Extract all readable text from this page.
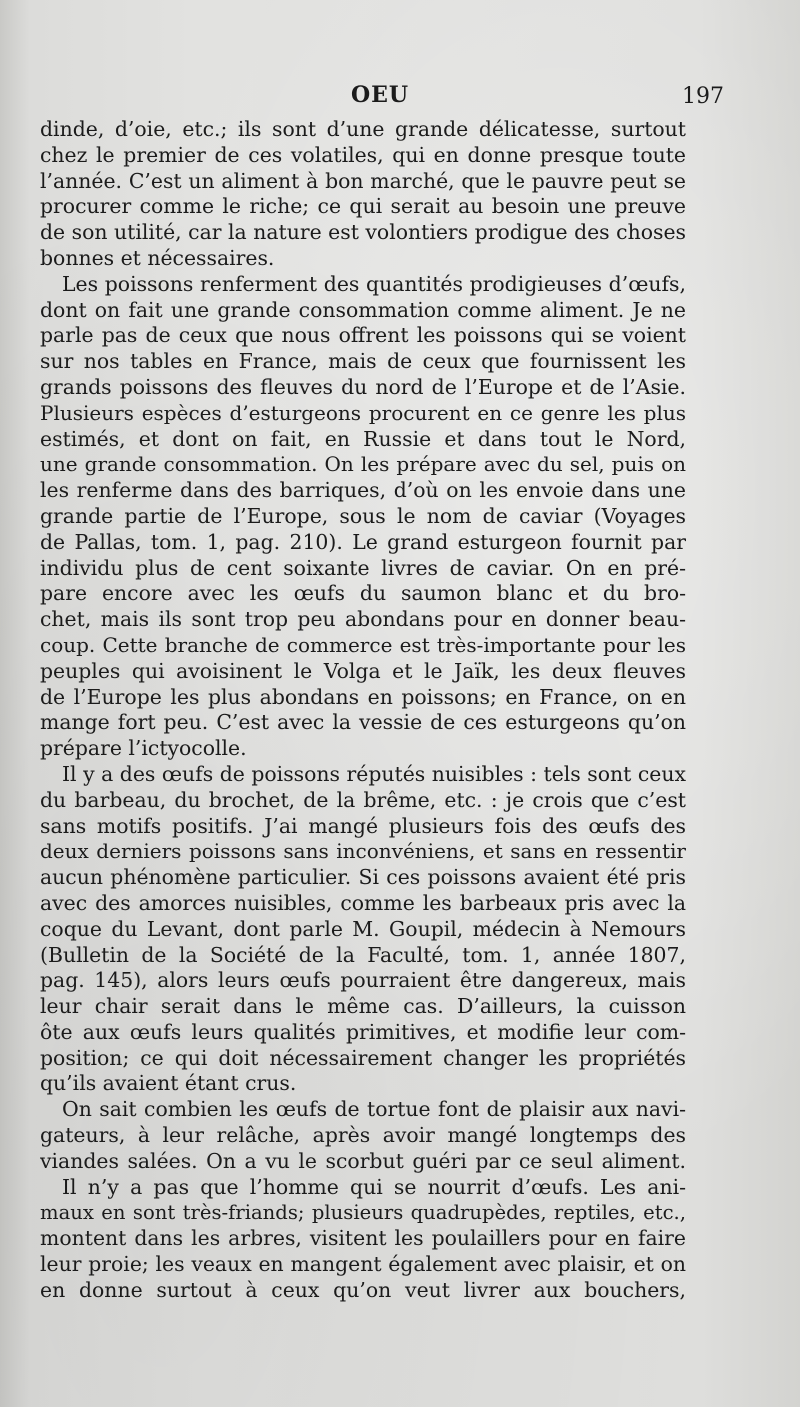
OEU	197
dinde, d’oie, etc.; ils sont d’une grande délicatesse, surtout
chez le premier de ces volatiles, qui en donne presque toute
l’année. C’est un aliment à bon marché, que le pauvre peut se
procurer comme le riche; ce qui serait au besoin une preuve
de son utilité, car la nature est volontiers prodigue des choses
bonnes et nécessaires.
Les poissons renferment des quantités prodigieuses d’œufs,
dont on fait une grande consommation comme aliment. Je ne
parle pas de ceux que nous offrent les poissons qui se voient
sur nos tables en France, mais de ceux que fournissent les
grands poissons des fleuves du nord de l’Europe et de l’Asie.
Plusieurs espèces d’esturgeons procurent en ce genre les plus
estimés, et dont on fait, en Russie et dans tout le Nord,
une grande consommation. On les prépare avec du sel, puis on
les renferme dans des barriques, d’où on les envoie dans une
grande partie de l’Europe, sous le nom de caviar (Voyages
de Pallas, tom. 1, pag. 210). Le grand esturgeon fournit par
individu plus de cent soixante livres de caviar. On en pré-
pare encore avec les œufs du saumon blanc et du bro-
chet, mais ils sont trop peu abondans pour en donner beau-
coup. Cette branche de commerce est très-importante pour les
peuples qui avoisinent le Volga et le Jaïk, les deux fleuves
de l’Europe les plus abondans en poissons; en France, on en
mange fort peu. C’est avec la vessie de ces esturgeons qu’on
prépare l’ictyocolle.
Il y a des œufs de poissons réputés nuisibles : tels sont ceux
du barbeau, du brochet, de la brême, etc. : je crois que c’est
sans motifs positifs. J’ai mangé plusieurs fois des œufs des
deux derniers poissons sans inconvéniens, et sans en ressentir
aucun phénomène particulier. Si ces poissons avaient été pris
avec des amorces nuisibles, comme les barbeaux pris avec la
coque du Levant, dont parle M. Goupil, médecin à Nemours
(Bulletin de la Société de la Faculté, tom. 1, année 1807,
pag. 145), alors leurs œufs pourraient être dangereux, mais
leur chair serait dans le même cas. D’ailleurs, la cuisson
ôte aux œufs leurs qualités primitives, et modifie leur com-
position; ce qui doit nécessairement changer les propriétés
qu’ils avaient étant crus.
On sait combien les œufs de tortue font de plaisir aux navi-
gateurs, à leur relâche, après avoir mangé longtemps des
viandes salées. On a vu le scorbut guéri par ce seul aliment.
Il n’y a pas que l’homme qui se nourrit d’œufs. Les ani-
maux en sont très-friands; plusieurs quadrupèdes, reptiles, etc.,
montent dans les arbres, visitent les poulaillers pour en faire
leur proie; les veaux en mangent également avec plaisir, et on
en donne surtout à ceux qu’on veut livrer aux bouchers,
